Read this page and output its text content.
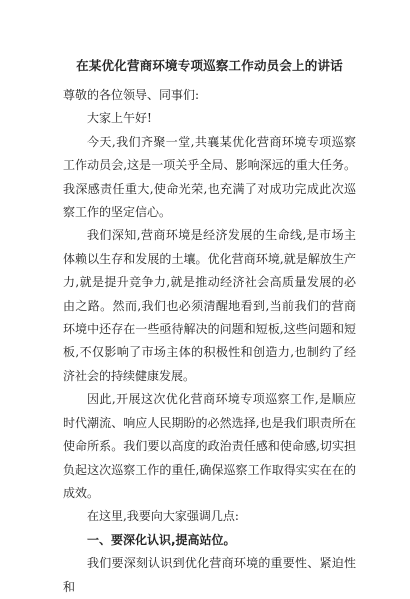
在某优化营商环境专项巡察工作动员会上的讲话

尊敬的各位领导、同事们:

大家上午好!

今天,我们齐聚一堂,共襄某优化营商环境专项巡察工作动员会,这是一项关乎全局、影响深远的重大任务。我深感责任重大,使命光荣,也充满了对成功完成此次巡察工作的坚定信心。

我们深知,营商环境是经济发展的生命线,是市场主体赖以生存和发展的土壤。优化营商环境,就是解放生产力,就是提升竞争力,就是推动经济社会高质量发展的必由之路。然而,我们也必须清醒地看到,当前我们的营商环境中还存在一些亟待解决的问题和短板,这些问题和短板,不仅影响了市场主体的积极性和创造力,也制约了经济社会的持续健康发展。

因此,开展这次优化营商环境专项巡察工作,是顺应时代潮流、响应人民期盼的必然选择,也是我们职责所在使命所系。我们要以高度的政治责任感和使命感,切实担负起这次巡察工作的重任,确保巡察工作取得实实在在的成效。

在这里,我要向大家强调几点:

一、要深化认识,提高站位。

我们要深刻认识到优化营商环境的重要性、紧迫性和
